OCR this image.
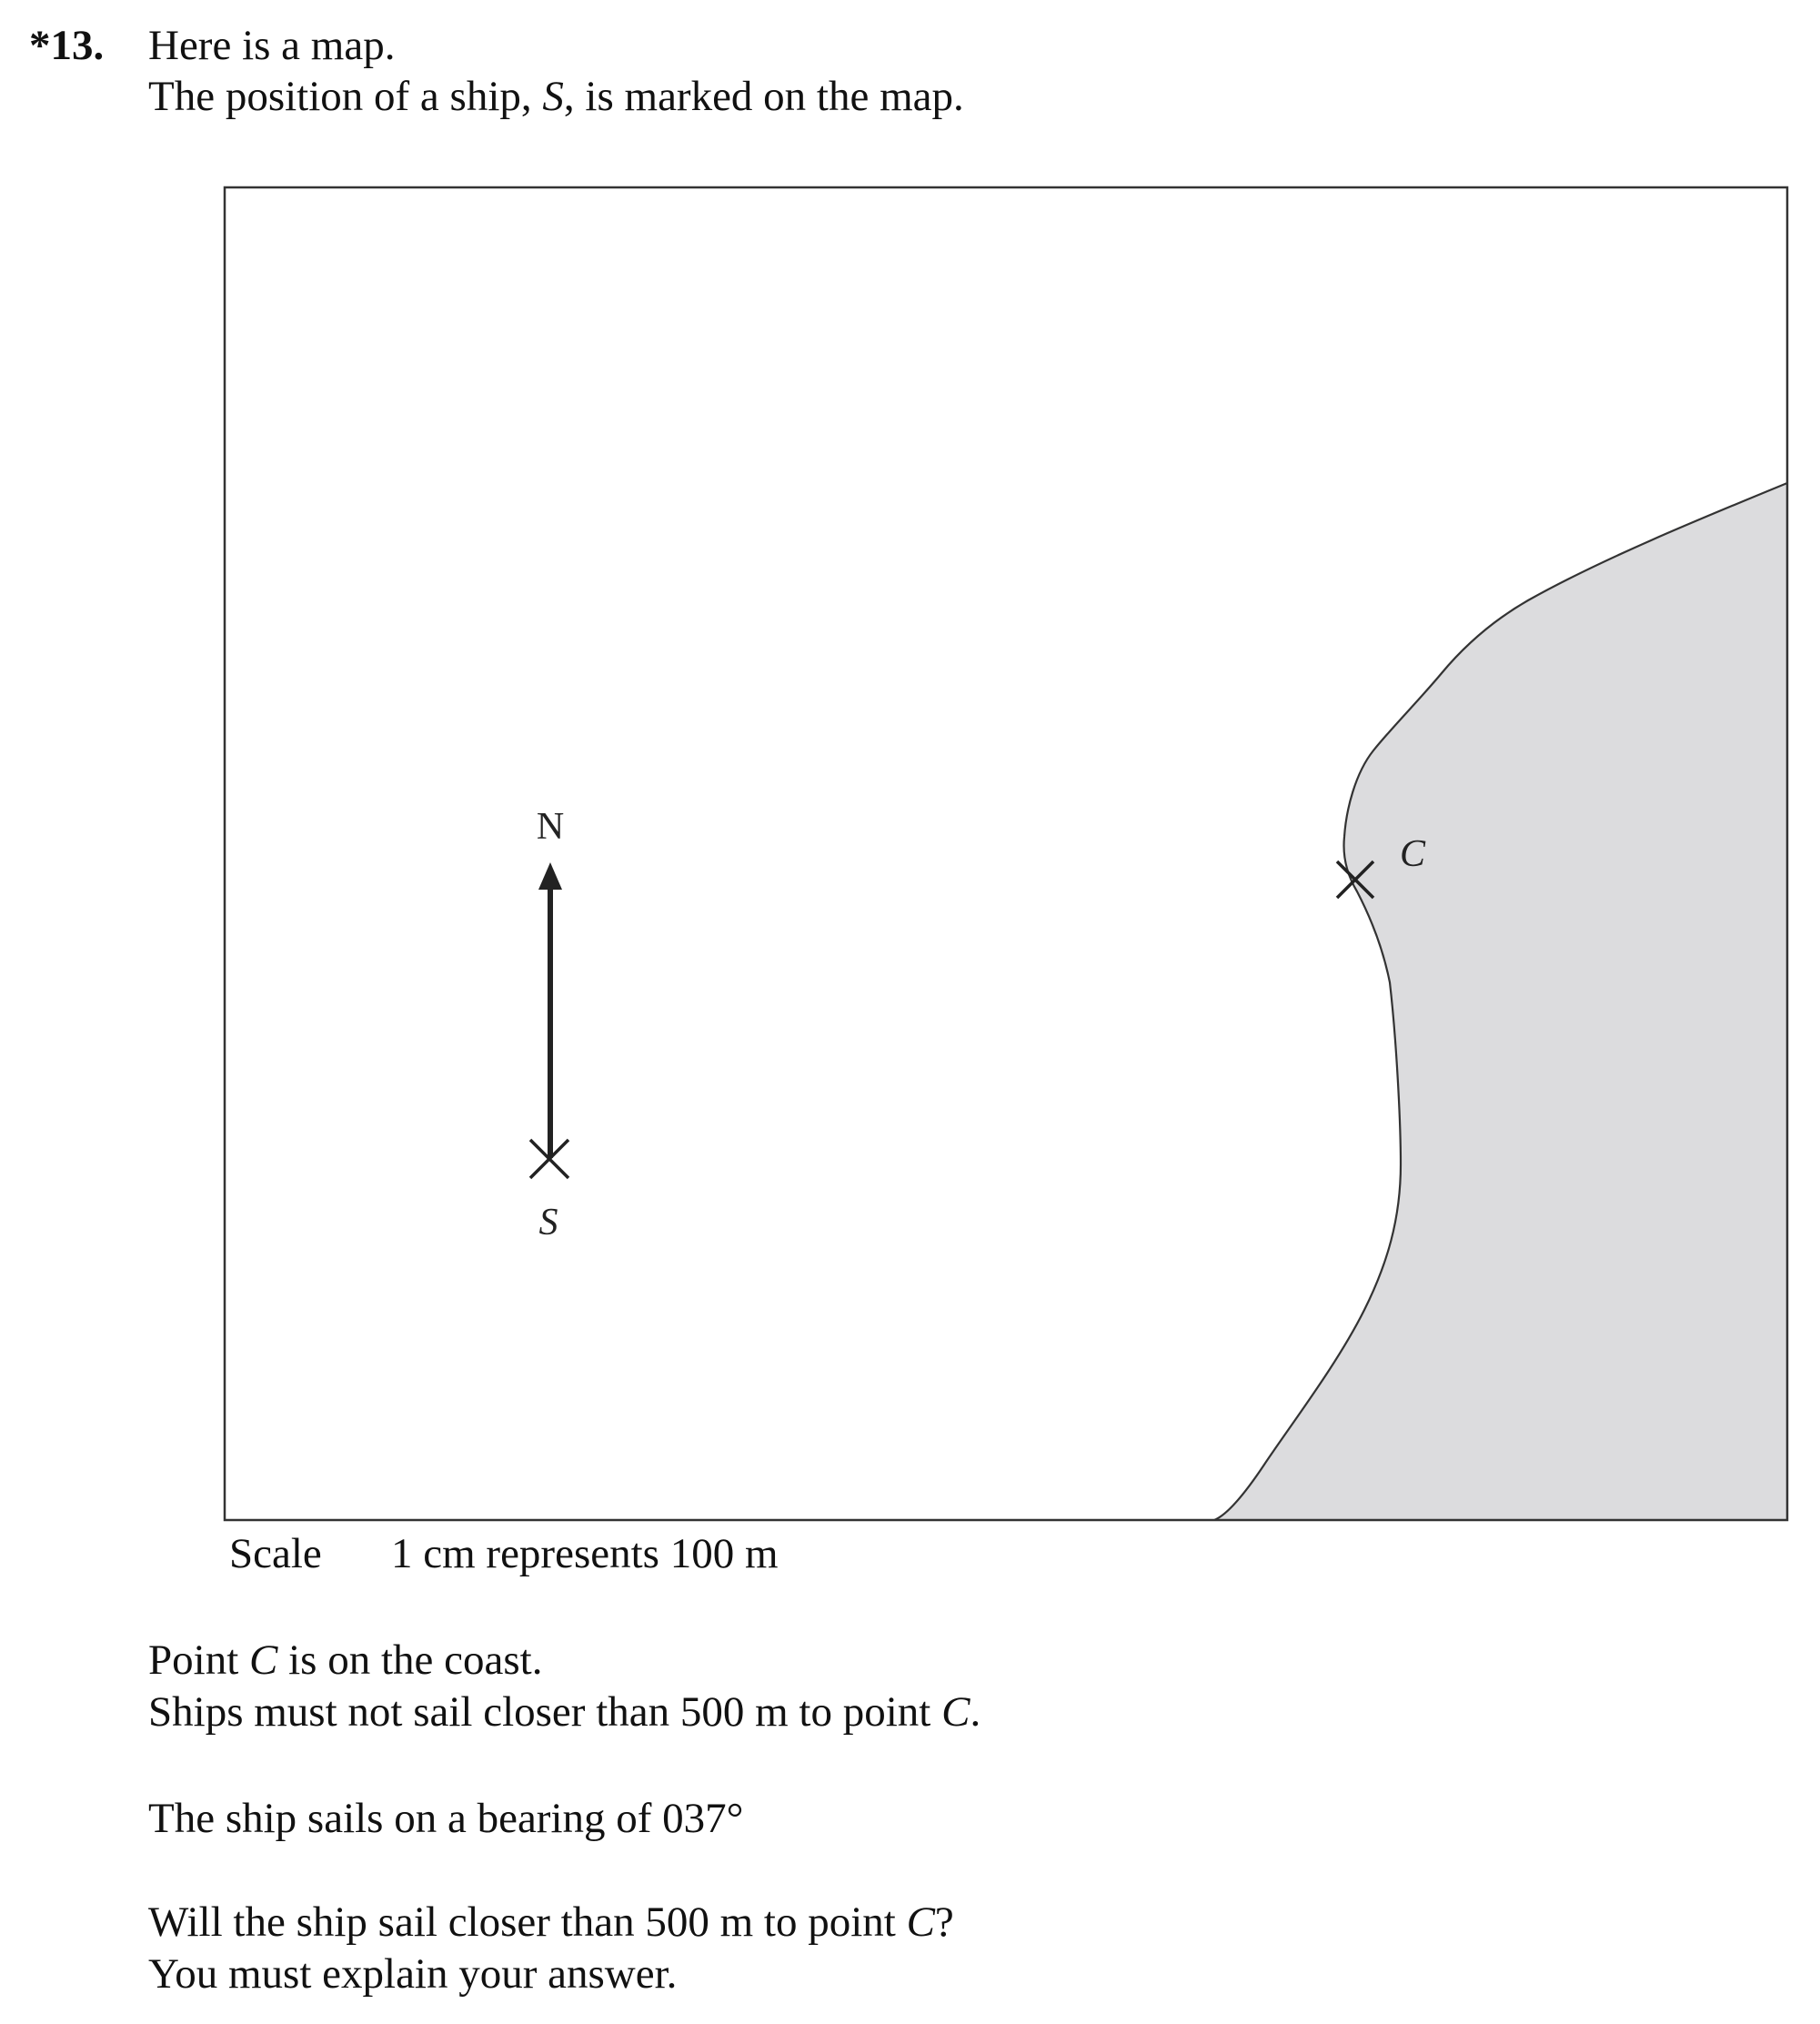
*13. Here is a map.
The position of a ship, S, is marked on the map.
N
S
C
Scale 1 cm represents 100 m
Point C is on the coast.
Ships must not sail closer than 500 m to point C.
The ship sails on a bearing of 037°
Will the ship sail closer than 500 m to point C?
You must explain your answer.
